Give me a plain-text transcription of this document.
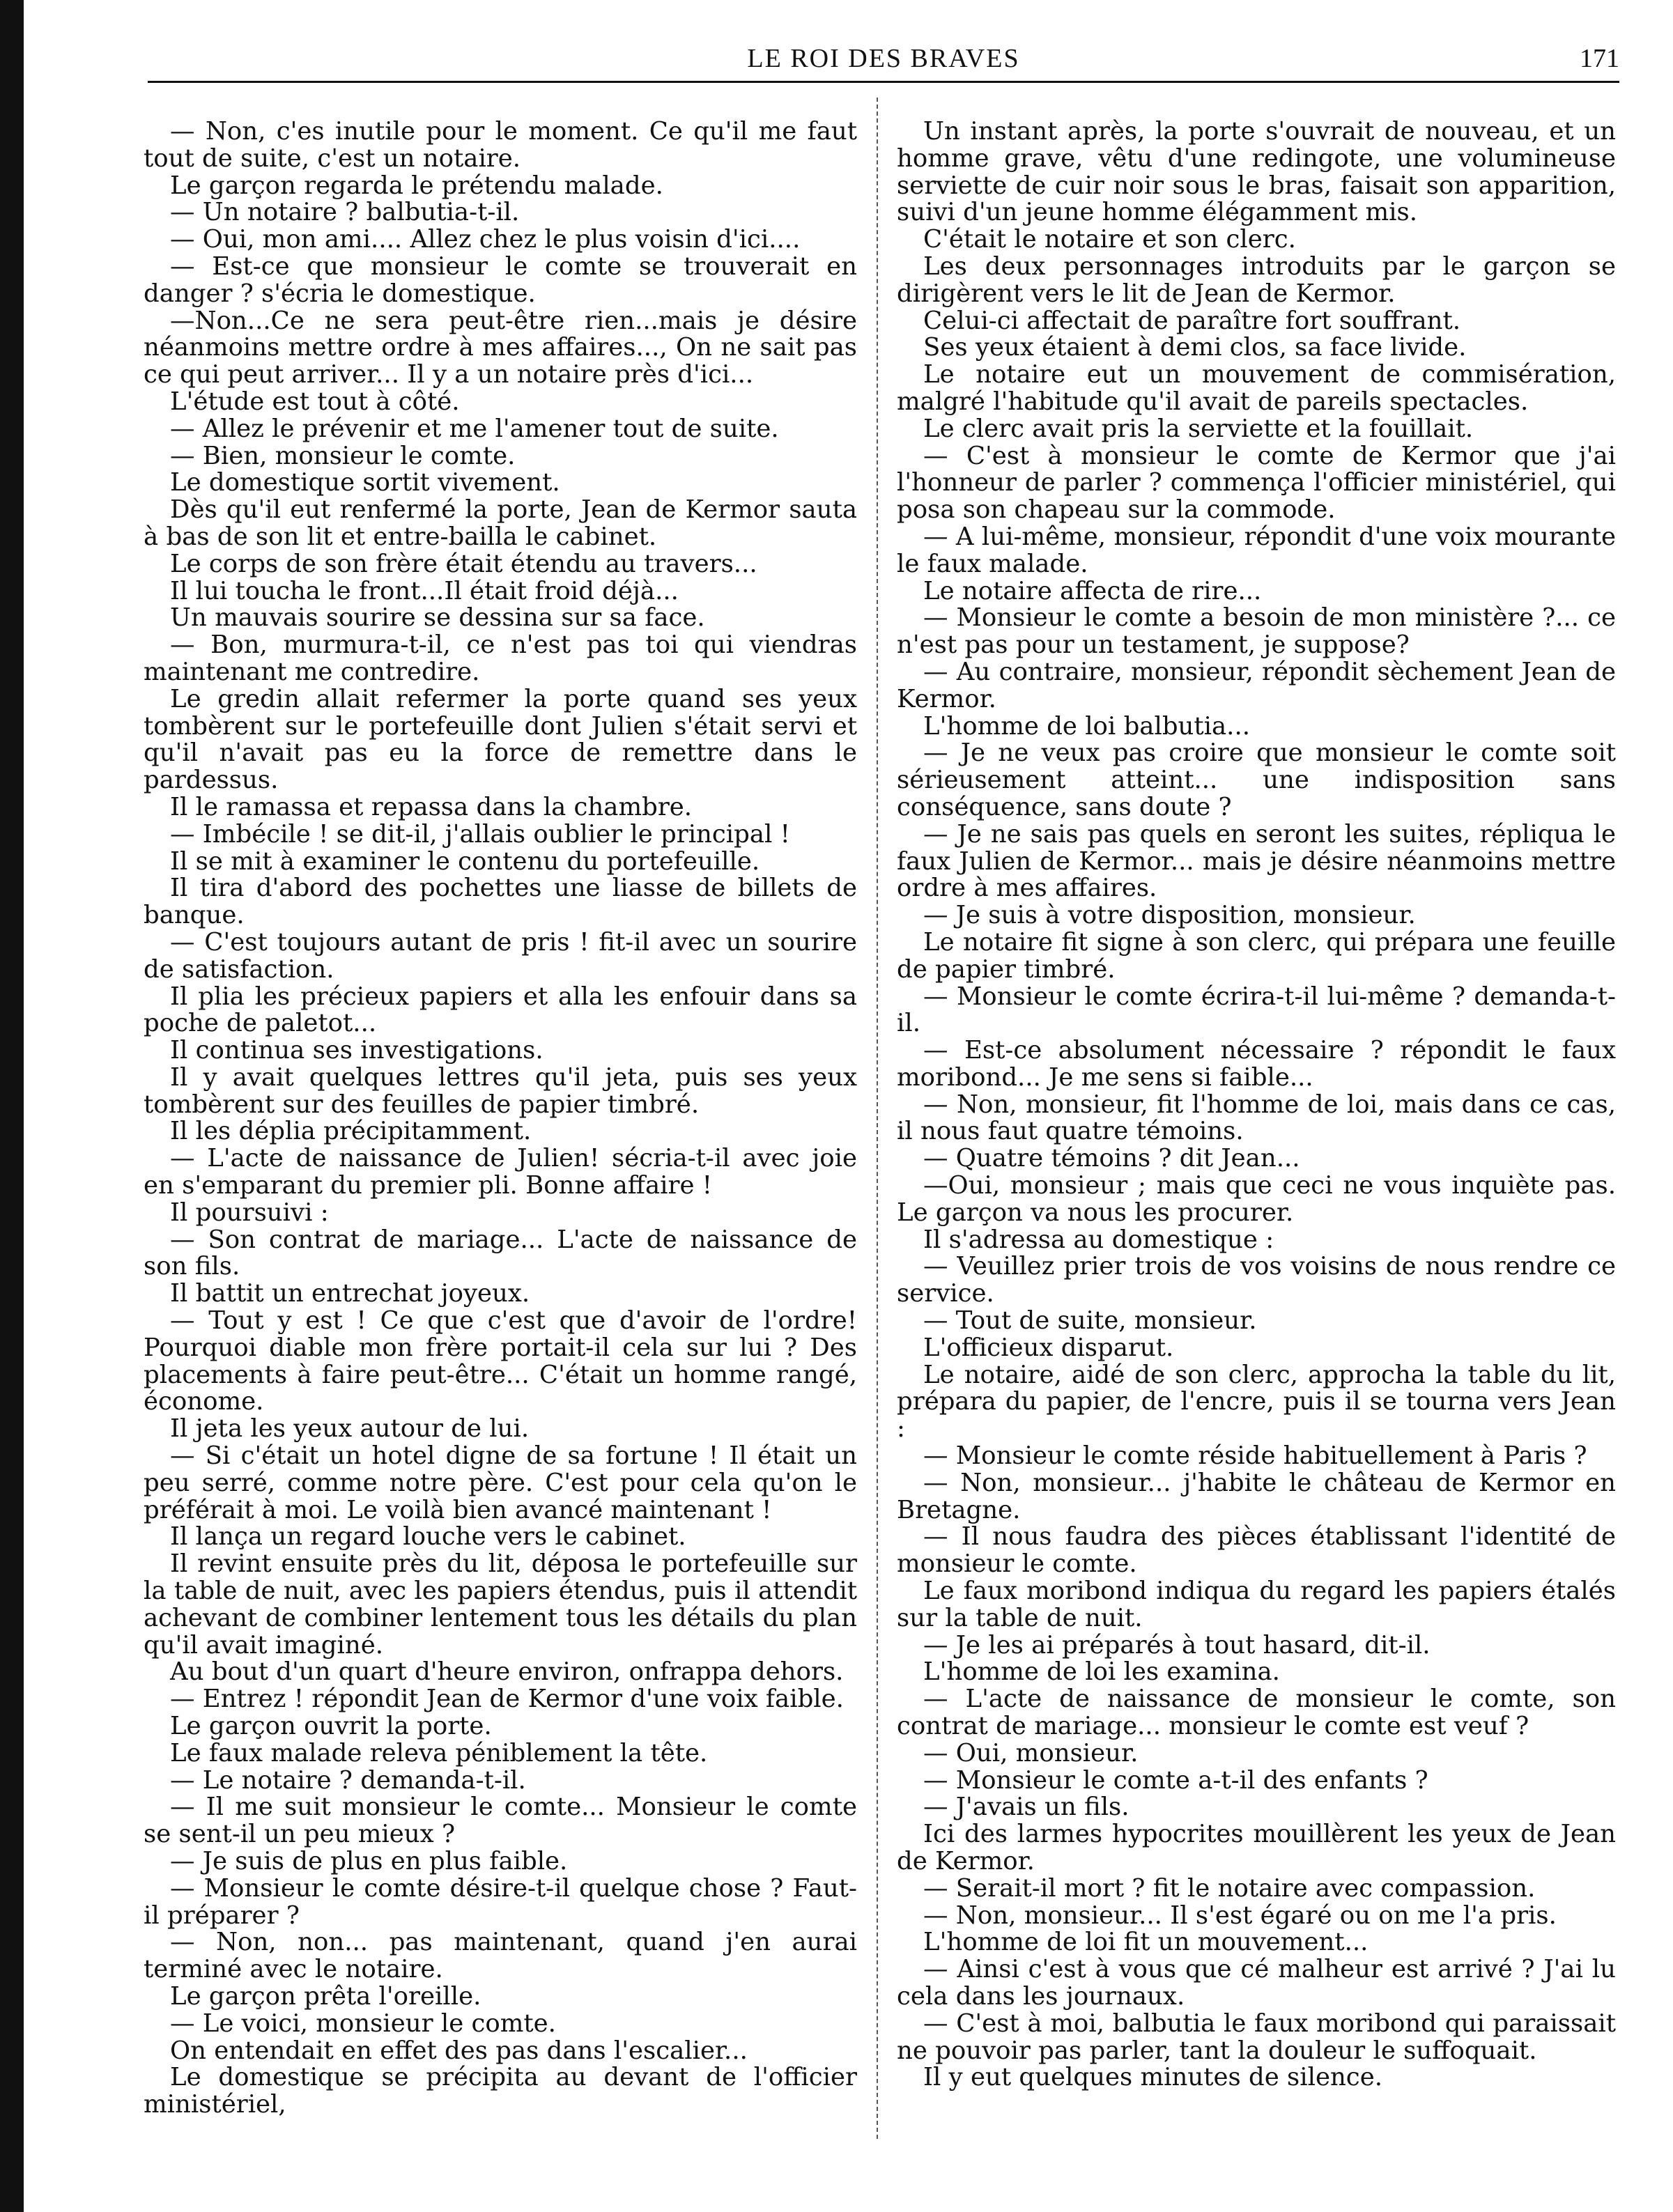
LE ROI DES BRAVES	171

— Non, c'es inutile pour le moment. Ce qu'il me faut tout de suite, c'est un notaire.

Le garçon regarda le prétendu malade.

— Un notaire ? balbutia-t-il.

— Oui, mon ami.... Allez chez le plus voisin d'ici....

— Est-ce que monsieur le comte se trouverait en danger ? s'écria le domestique.

—Non...Ce ne sera peut-être rien...mais je désire néanmoins mettre ordre à mes affaires..., On ne sait pas ce qui peut arriver... Il y a un notaire près d'ici...

L'étude est tout à côté.

— Allez le prévenir et me l'amener tout de suite.

— Bien, monsieur le comte.

Le domestique sortit vivement.

Dès qu'il eut renfermé la porte, Jean de Kermor sauta à bas de son lit et entre-bailla le cabinet.

Le corps de son frère était étendu au travers...

Il lui toucha le front...Il était froid déjà...

Un mauvais sourire se dessina sur sa face.

— Bon, murmura-t-il, ce n'est pas toi qui viendras maintenant me contredire.

Le gredin allait refermer la porte quand ses yeux tombèrent sur le portefeuille dont Julien s'était servi et qu'il n'avait pas eu la force de remettre dans le pardessus.

Il le ramassa et repassa dans la chambre.

— Imbécile ! se dit-il, j'allais oublier le principal !

Il se mit à examiner le contenu du portefeuille.

Il tira d'abord des pochettes une liasse de billets de banque.

— C'est toujours autant de pris ! fit-il avec un sourire de satisfaction.

Il plia les précieux papiers et alla les enfouir dans sa poche de paletot...

Il continua ses investigations.

Il y avait quelques lettres qu'il jeta, puis ses yeux tombèrent sur des feuilles de papier timbré.

Il les déplia précipitamment.

— L'acte de naissance de Julien! sécria-t-il avec joie en s'emparant du premier pli. Bonne affaire !

Il poursuivi :

— Son contrat de mariage... L'acte de naissance de son fils.

Il battit un entrechat joyeux.

— Tout y est ! Ce que c'est que d'avoir de l'ordre! Pourquoi diable mon frère portait-il cela sur lui ? Des placements à faire peut-être... C'était un homme rangé, économe.

Il jeta les yeux autour de lui.

— Si c'était un hotel digne de sa fortune ! Il était un peu serré, comme notre père. C'est pour cela qu'on le préférait à moi. Le voilà bien avancé maintenant !

Il lança un regard louche vers le cabinet.

Il revint ensuite près du lit, déposa le portefeuille sur la table de nuit, avec les papiers étendus, puis il attendit achevant de combiner lentement tous les détails du plan qu'il avait imaginé.

Au bout d'un quart d'heure environ, onfrappa dehors.

— Entrez ! répondit Jean de Kermor d'une voix faible.

Le garçon ouvrit la porte.

Le faux malade releva péniblement la tête.

— Le notaire ? demanda-t-il.

— Il me suit monsieur le comte... Monsieur le comte se sent-il un peu mieux ?

— Je suis de plus en plus faible.

— Monsieur le comte désire-t-il quelque chose ? Faut-il préparer ?

— Non, non... pas maintenant, quand j'en aurai terminé avec le notaire.

Le garçon prêta l'oreille.

— Le voici, monsieur le comte.

On entendait en effet des pas dans l'escalier...

Le domestique se précipita au devant de l'officier ministériel,

Un instant après, la porte s'ouvrait de nouveau, et un homme grave, vêtu d'une redingote, une volumineuse serviette de cuir noir sous le bras, faisait son apparition, suivi d'un jeune homme élégamment mis.

C'était le notaire et son clerc.

Les deux personnages introduits par le garçon se dirigèrent vers le lit de Jean de Kermor.

Celui-ci affectait de paraître fort souffrant.

Ses yeux étaient à demi clos, sa face livide.

Le notaire eut un mouvement de commisération, malgré l'habitude qu'il avait de pareils spectacles.

Le clerc avait pris la serviette et la fouillait.

— C'est à monsieur le comte de Kermor que j'ai l'honneur de parler ? commença l'officier ministériel, qui posa son chapeau sur la commode.

— A lui-même, monsieur, répondit d'une voix mourante le faux malade.

Le notaire affecta de rire...

— Monsieur le comte a besoin de mon ministère ?... ce n'est pas pour un testament, je suppose?

— Au contraire, monsieur, répondit sèchement Jean de Kermor.

L'homme de loi balbutia...

— Je ne veux pas croire que monsieur le comte soit sérieusement atteint... une indisposition sans conséquence, sans doute ?

— Je ne sais pas quels en seront les suites, répliqua le faux Julien de Kermor... mais je désire néanmoins mettre ordre à mes affaires.

— Je suis à votre disposition, monsieur.

Le notaire fit signe à son clerc, qui prépara une feuille de papier timbré.

— Monsieur le comte écrira-t-il lui-même ? demanda-t-il.

— Est-ce absolument nécessaire ? répondit le faux moribond... Je me sens si faible...

— Non, monsieur, fit l'homme de loi, mais dans ce cas, il nous faut quatre témoins.

— Quatre témoins ? dit Jean...

—Oui, monsieur ; mais que ceci ne vous inquiète pas. Le garçon va nous les procurer.

Il s'adressa au domestique :

— Veuillez prier trois de vos voisins de nous rendre ce service.

— Tout de suite, monsieur.

L'officieux disparut.

Le notaire, aidé de son clerc, approcha la table du lit, prépara du papier, de l'encre, puis il se tourna vers Jean :

— Monsieur le comte réside habituellement à Paris ?

— Non, monsieur... j'habite le château de Kermor en Bretagne.

— Il nous faudra des pièces établissant l'identité de monsieur le comte.

Le faux moribond indiqua du regard les papiers étalés sur la table de nuit.

— Je les ai préparés à tout hasard, dit-il.

L'homme de loi les examina.

— L'acte de naissance de monsieur le comte, son contrat de mariage... monsieur le comte est veuf ?

— Oui, monsieur.

— Monsieur le comte a-t-il des enfants ?

— J'avais un fils.

Ici des larmes hypocrites mouillèrent les yeux de Jean de Kermor.

— Serait-il mort ? fit le notaire avec compassion.

— Non, monsieur... Il s'est égaré ou on me l'a pris.

L'homme de loi fit un mouvement...

— Ainsi c'est à vous que cé malheur est arrivé ? J'ai lu cela dans les journaux.

— C'est à moi, balbutia le faux moribond qui paraissait ne pouvoir pas parler, tant la douleur le suffoquait.

Il y eut quelques minutes de silence.
